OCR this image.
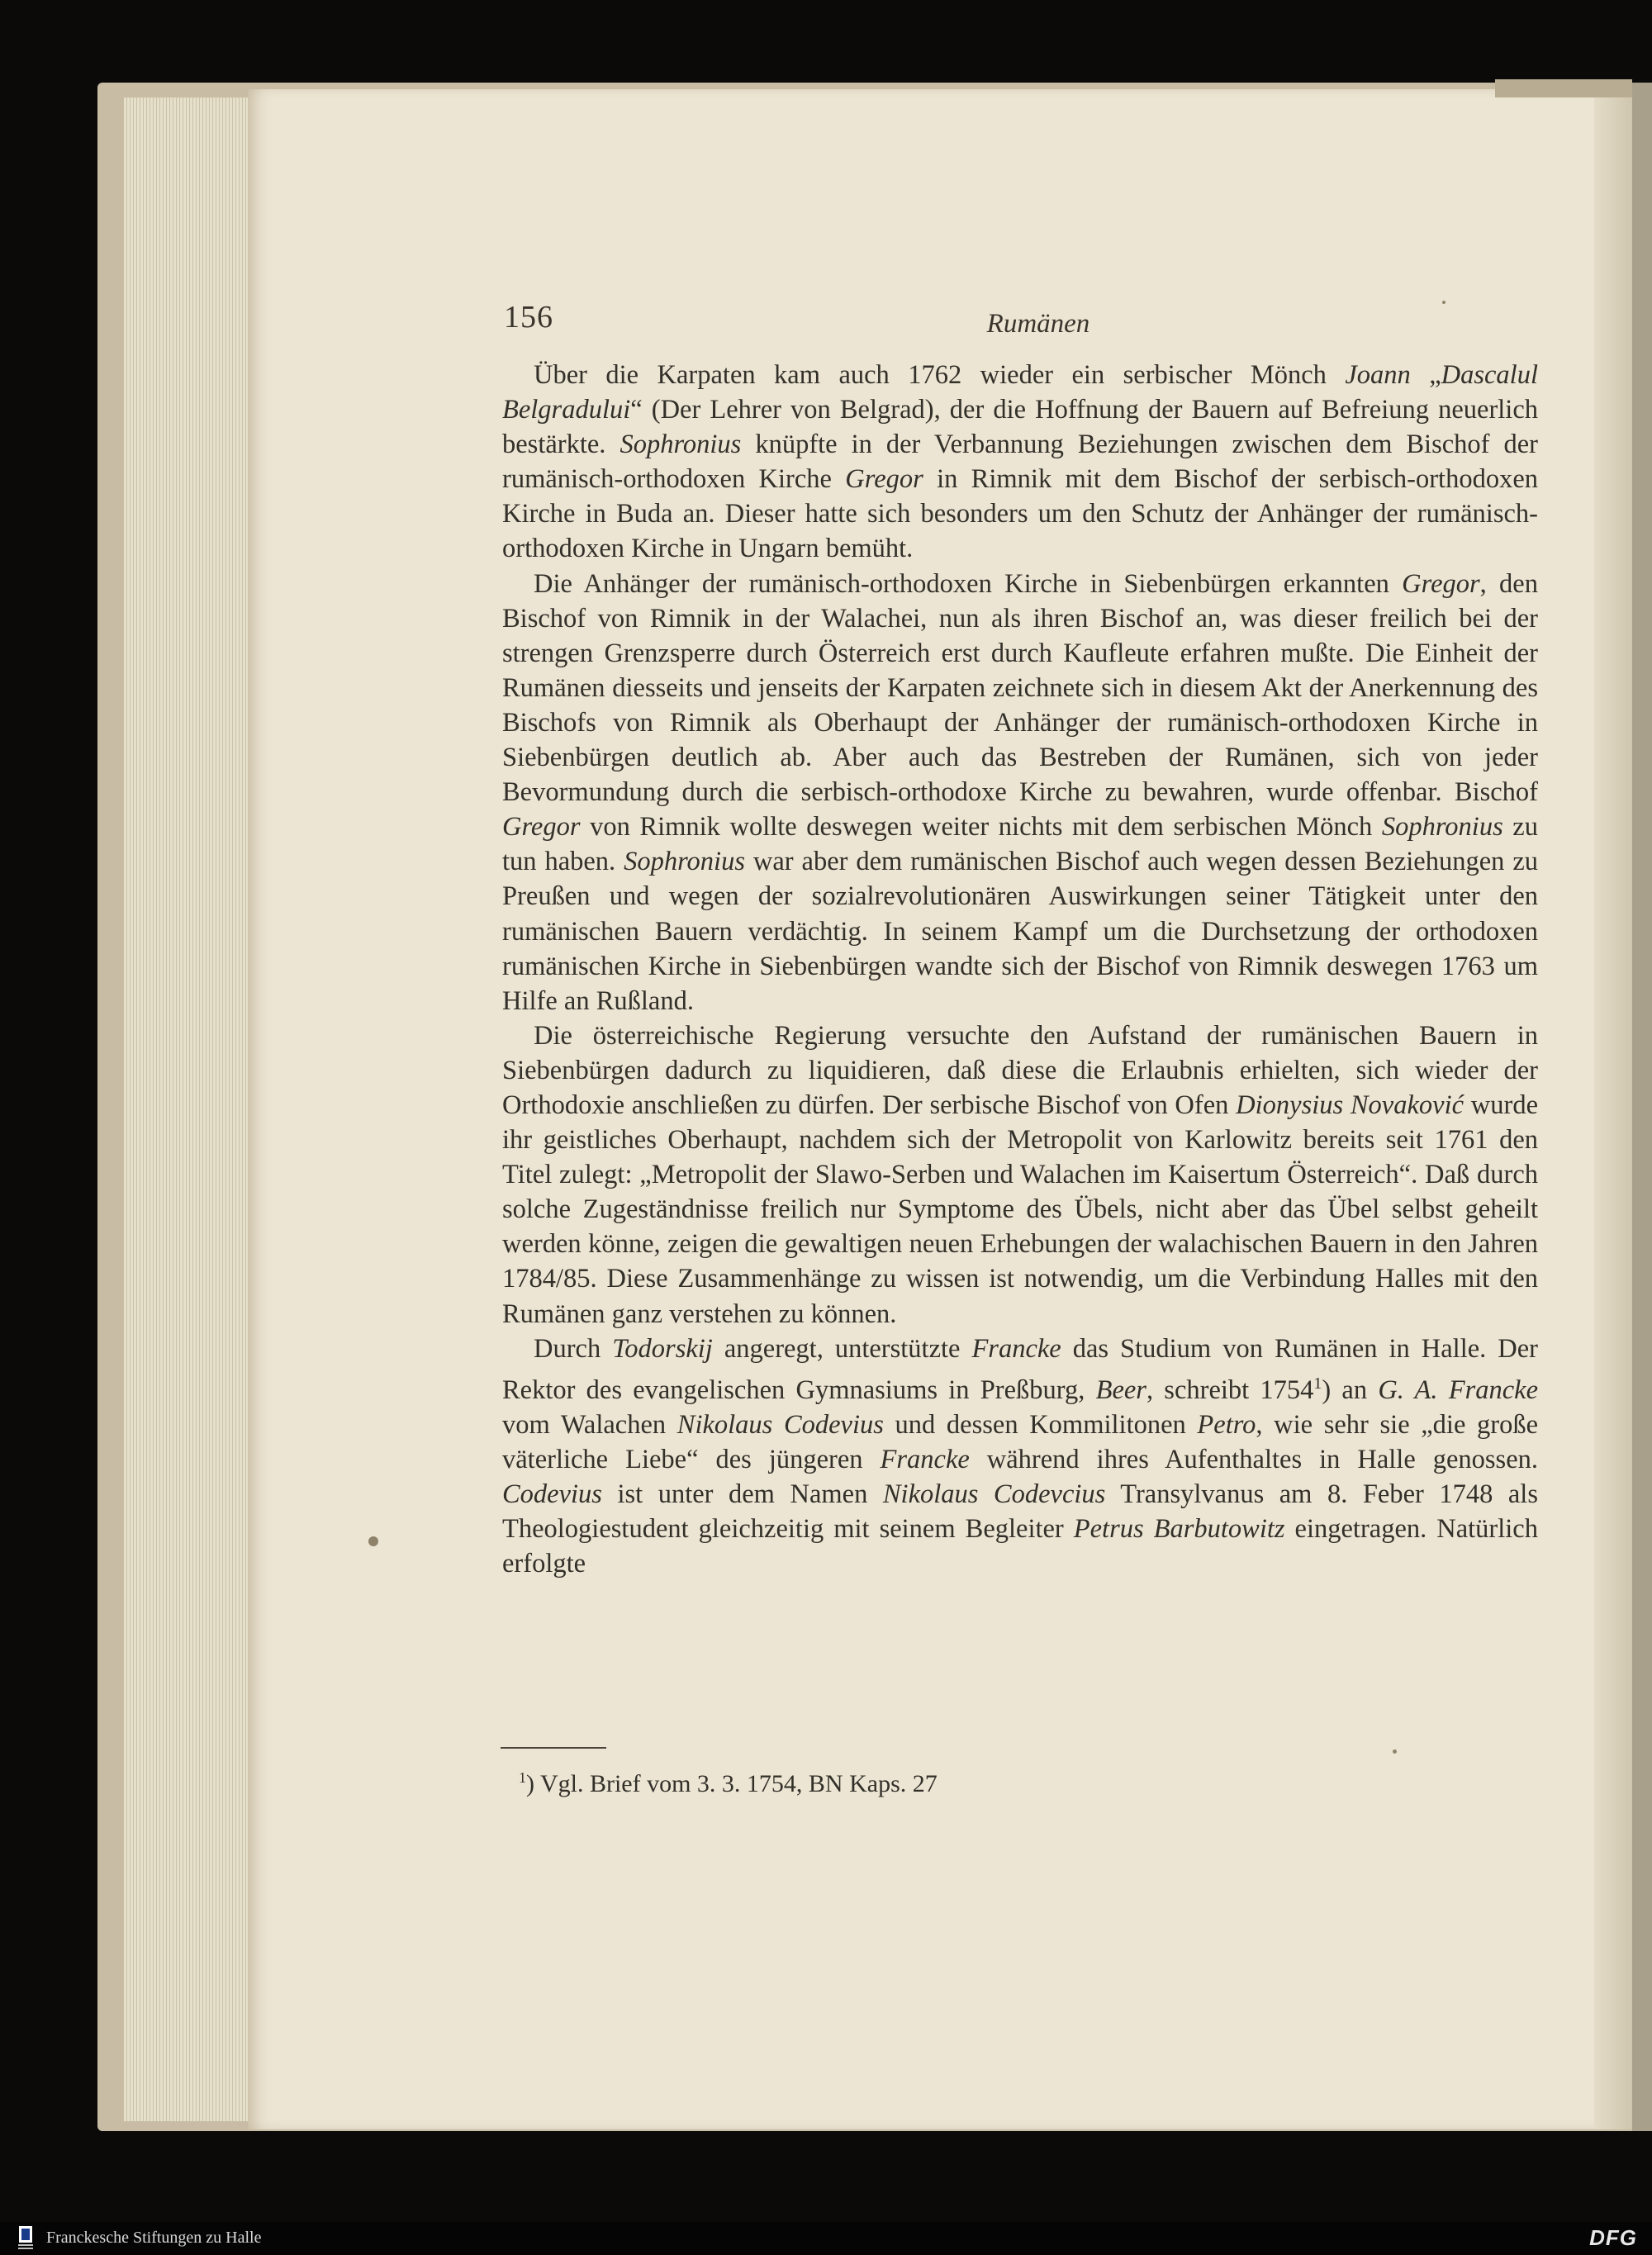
156	Rumänen

Über die Karpaten kam auch 1762 wieder ein serbischer Mönch Joann „Dascalul Belgradului“ (Der Lehrer von Belgrad), der die Hoffnung der Bauern auf Befreiung neuerlich bestärkte. Sophronius knüpfte in der Verbannung Beziehungen zwischen dem Bischof der rumänisch-orthodoxen Kirche Gregor in Rimnik mit dem Bischof der serbisch-orthodoxen Kirche in Buda an. Dieser hatte sich besonders um den Schutz der Anhänger der rumänisch-orthodoxen Kirche in Ungarn bemüht.

Die Anhänger der rumänisch-orthodoxen Kirche in Siebenbürgen erkannten Gregor, den Bischof von Rimnik in der Walachei, nun als ihren Bischof an, was dieser freilich bei der strengen Grenzsperre durch Österreich erst durch Kaufleute erfahren mußte. Die Einheit der Rumänen diesseits und jenseits der Karpaten zeichnete sich in diesem Akt der Anerkennung des Bischofs von Rimnik als Oberhaupt der Anhänger der rumänisch-orthodoxen Kirche in Siebenbürgen deutlich ab. Aber auch das Bestreben der Rumänen, sich von jeder Bevormundung durch die serbisch-orthodoxe Kirche zu bewahren, wurde offenbar. Bischof Gregor von Rimnik wollte deswegen weiter nichts mit dem serbischen Mönch Sophronius zu tun haben. Sophronius war aber dem rumänischen Bischof auch wegen dessen Beziehungen zu Preußen und wegen der sozialrevolutionären Auswirkungen seiner Tätigkeit unter den rumänischen Bauern verdächtig. In seinem Kampf um die Durchsetzung der orthodoxen rumänischen Kirche in Siebenbürgen wandte sich der Bischof von Rimnik deswegen 1763 um Hilfe an Rußland.

Die österreichische Regierung versuchte den Aufstand der rumänischen Bauern in Siebenbürgen dadurch zu liquidieren, daß diese die Erlaubnis erhielten, sich wieder der Orthodoxie anschließen zu dürfen. Der serbische Bischof von Ofen Dionysius Novaković wurde ihr geistliches Oberhaupt, nachdem sich der Metropolit von Karlowitz bereits seit 1761 den Titel zulegt: „Metropolit der Slawo-Serben und Walachen im Kaisertum Österreich“. Daß durch solche Zugeständnisse freilich nur Symptome des Übels, nicht aber das Übel selbst geheilt werden könne, zeigen die gewaltigen neuen Erhebungen der walachischen Bauern in den Jahren 1784/85. Diese Zusammenhänge zu wissen ist notwendig, um die Verbindung Halles mit den Rumänen ganz verstehen zu können.

Durch Todorskij angeregt, unterstützte Francke das Studium von Rumänen in Halle. Der Rektor des evangelischen Gymnasiums in Preßburg, Beer, schreibt 1754$^1$) an G. A. Francke vom Walachen Nikolaus Codevius und dessen Kommilitonen Petro, wie sehr sie „die große väterliche Liebe“ des jüngeren Francke während ihres Aufenthaltes in Halle genossen. Codevius ist unter dem Namen Nikolaus Codevcius Transylvanus am 8. Feber 1748 als Theologiestudent gleichzeitig mit seinem Begleiter Petrus Barbutowitz eingetragen. Natürlich erfolgte

$^1$) Vgl. Brief vom 3. 3. 1754, BN Kaps. 27
Franckesche Stiftungen zu Halle	DFG
